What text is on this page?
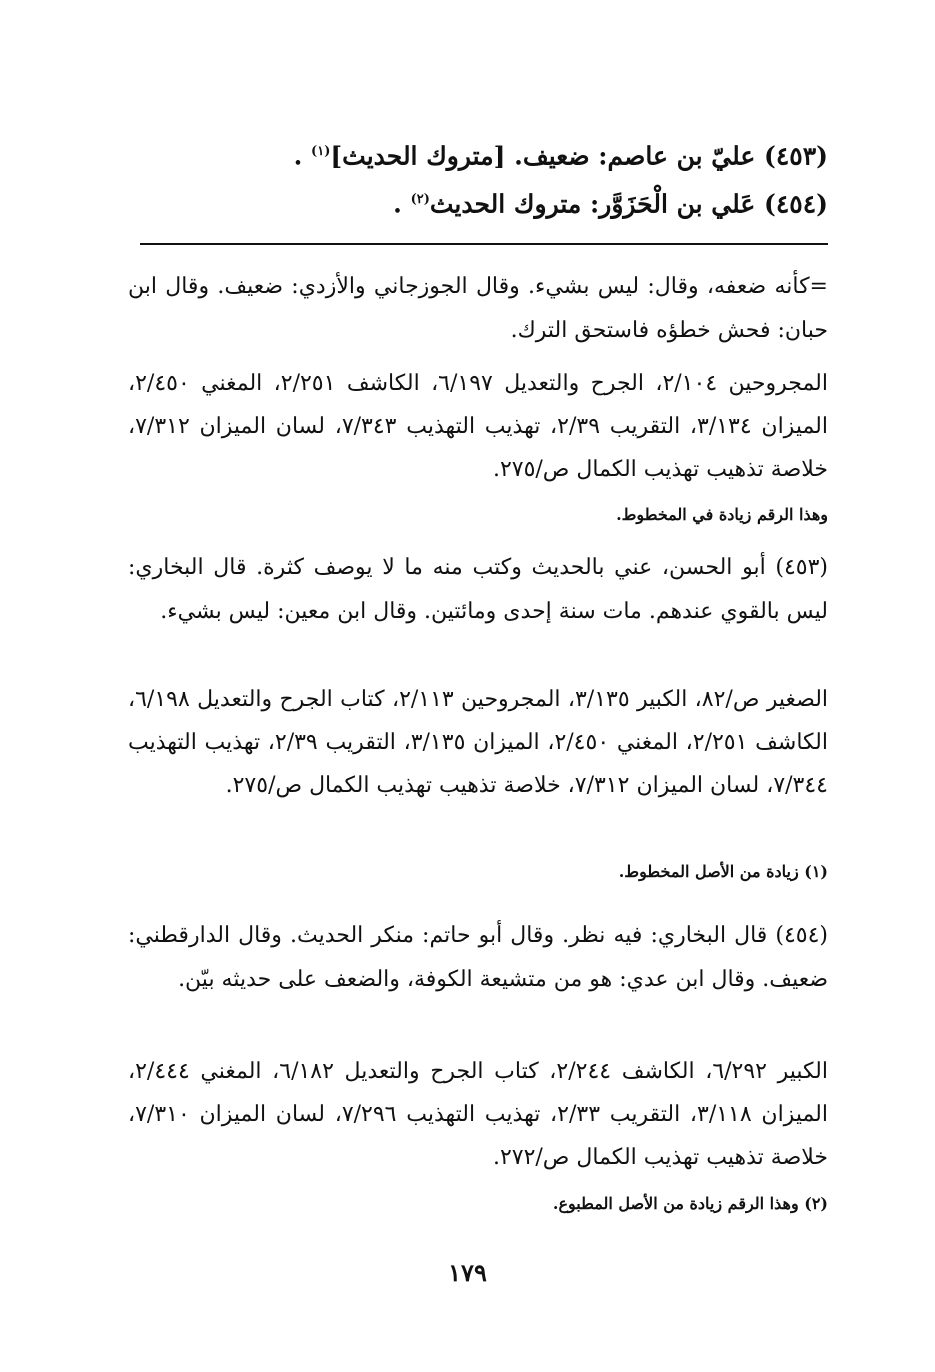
(٤٥٣) عليّ بن عاصم: ضعيف. [متروك الحديث]$^{(١)}$ .
(٤٥٤) عَلي بن الْحَزَوَّر: متروك الحديث$^{(٢)}$ .
=كأنه ضعفه، وقال: ليس بشيء. وقال الجوزجاني والأزدي: ضعيف. وقال ابن حبان: فحش خطؤه فاستحق الترك.
المجروحين ٢/١٠٤، الجرح والتعديل ٦/١٩٧، الكاشف ٢/٢٥١، المغني ٢/٤٥٠، الميزان ٣/١٣٤، التقريب ٢/٣٩، تهذيب التهذيب ٧/٣٤٣، لسان الميزان ٧/٣١٢، خلاصة تذهيب تهذيب الكمال ص/٢٧٥.
وهذا الرقم زيادة في المخطوط.
(٤٥٣) أبو الحسن، عني بالحديث وكتب منه ما لا يوصف كثرة. قال البخاري: ليس بالقوي عندهم. مات سنة إحدى ومائتين. وقال ابن معين: ليس بشيء.
الصغير ص/٨٢، الكبير ٣/١٣٥، المجروحين ٢/١١٣، كتاب الجرح والتعديل ٦/١٩٨، الكاشف ٢/٢٥١، المغني ٢/٤٥٠، الميزان ٣/١٣٥، التقريب ٢/٣٩، تهذيب التهذيب ٧/٣٤٤، لسان الميزان ٧/٣١٢، خلاصة تذهيب تهذيب الكمال ص/٢٧٥.
(١) زيادة من الأصل المخطوط.
(٤٥٤) قال البخاري: فيه نظر. وقال أبو حاتم: منكر الحديث. وقال الدارقطني: ضعيف. وقال ابن عدي: هو من متشيعة الكوفة، والضعف على حديثه بيّن.
الكبير ٦/٢٩٢، الكاشف ٢/٢٤٤، كتاب الجرح والتعديل ٦/١٨٢، المغني ٢/٤٤٤، الميزان ٣/١١٨، التقريب ٢/٣٣، تهذيب التهذيب ٧/٢٩٦، لسان الميزان ٧/٣١٠، خلاصة تذهيب تهذيب الكمال ص/٢٧٢.
(٢) وهذا الرقم زيادة من الأصل المطبوع.
١٧٩
